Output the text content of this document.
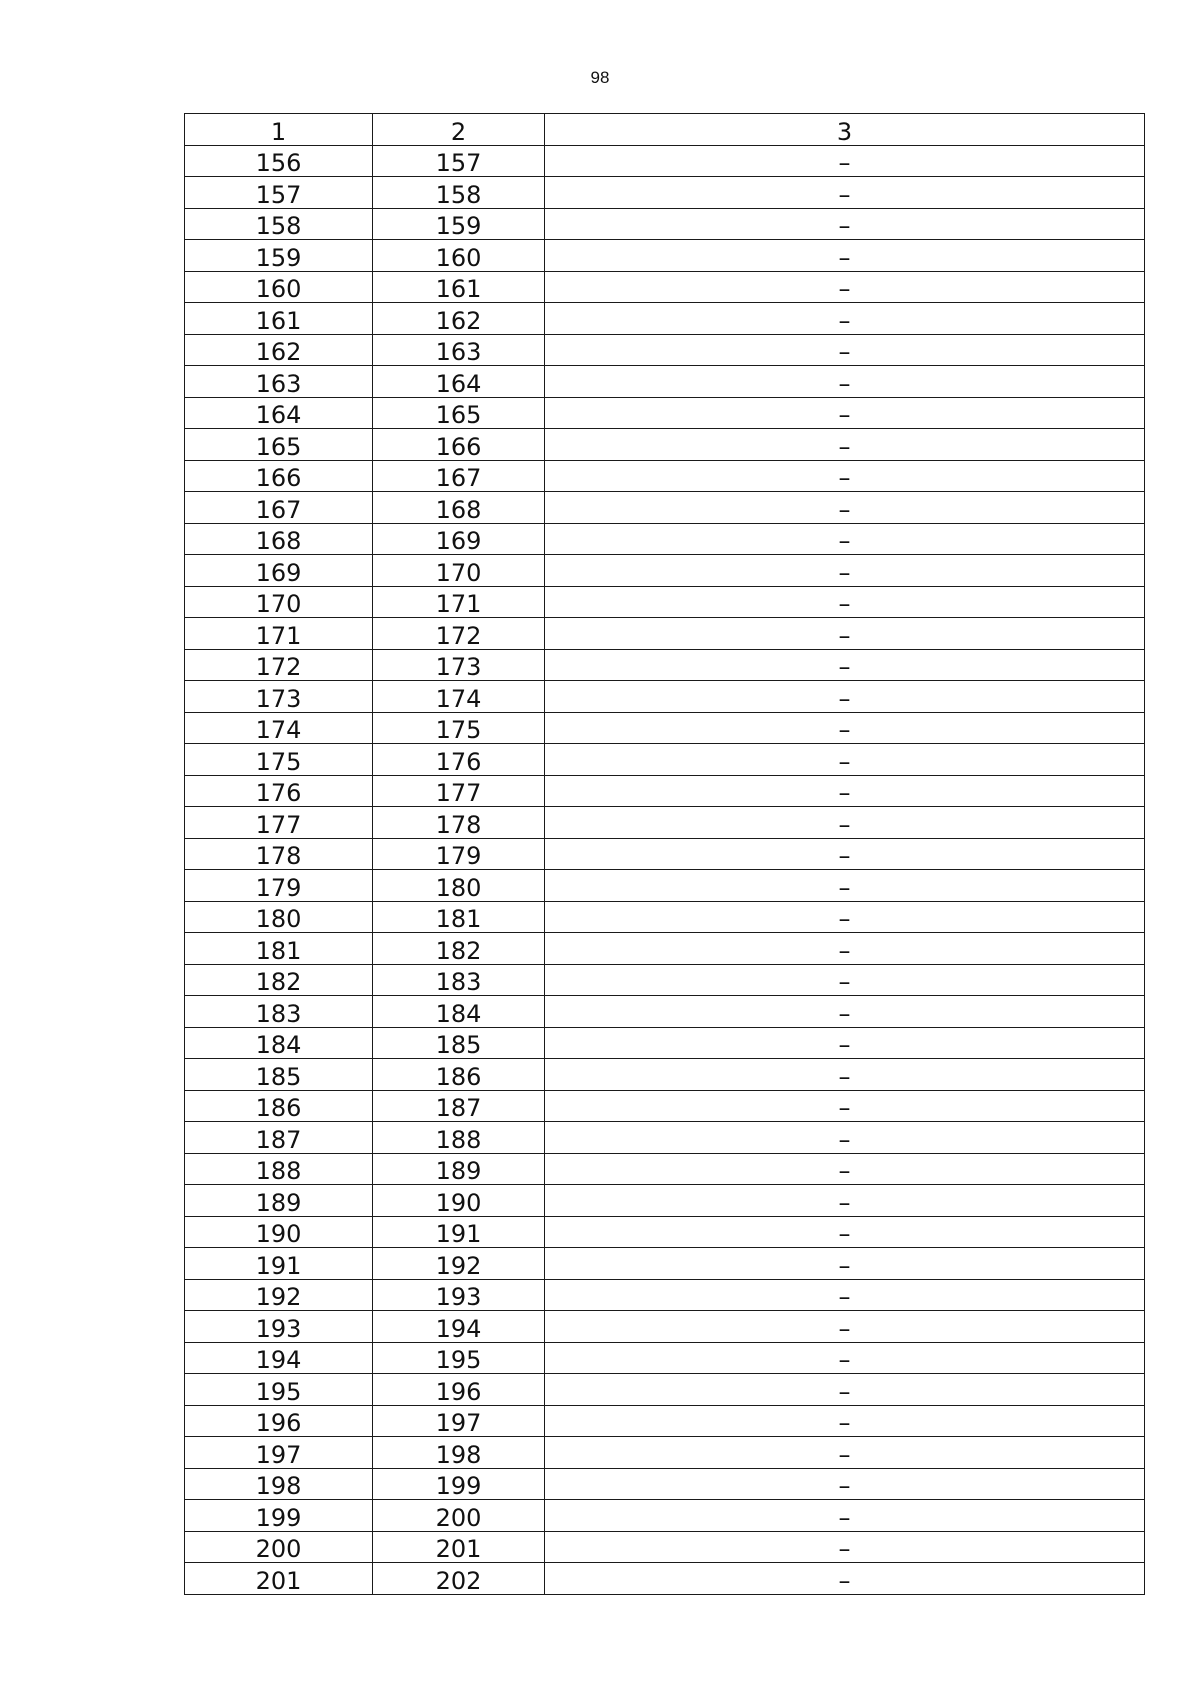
98
1	2	3
156	157	–
157	158	–
158	159	–
159	160	–
160	161	–
161	162	–
162	163	–
163	164	–
164	165	–
165	166	–
166	167	–
167	168	–
168	169	–
169	170	–
170	171	–
171	172	–
172	173	–
173	174	–
174	175	–
175	176	–
176	177	–
177	178	–
178	179	–
179	180	–
180	181	–
181	182	–
182	183	–
183	184	–
184	185	–
185	186	–
186	187	–
187	188	–
188	189	–
189	190	–
190	191	–
191	192	–
192	193	–
193	194	–
194	195	–
195	196	–
196	197	–
197	198	–
198	199	–
199	200	–
200	201	–
201	202	–
